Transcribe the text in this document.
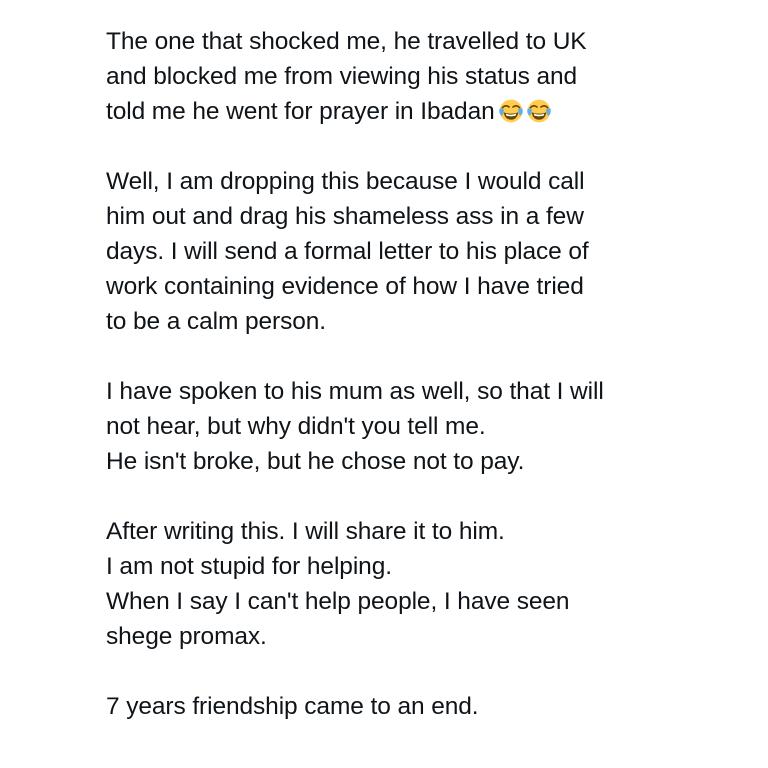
The one that shocked me, he travelled to UK
and blocked me from viewing his status and
told me he went for prayer in Ibadan
Well, I am dropping this because I would call
him out and drag his shameless ass in a few
days. I will send a formal letter to his place of
work containing evidence of how I have tried
to be a calm person.
I have spoken to his mum as well, so that I will
not hear, but why didn't you tell me.
He isn't broke, but he chose not to pay.
After writing this. I will share it to him.
I am not stupid for helping.
When I say I can't help people, I have seen
shege promax.
7 years friendship came to an end.
